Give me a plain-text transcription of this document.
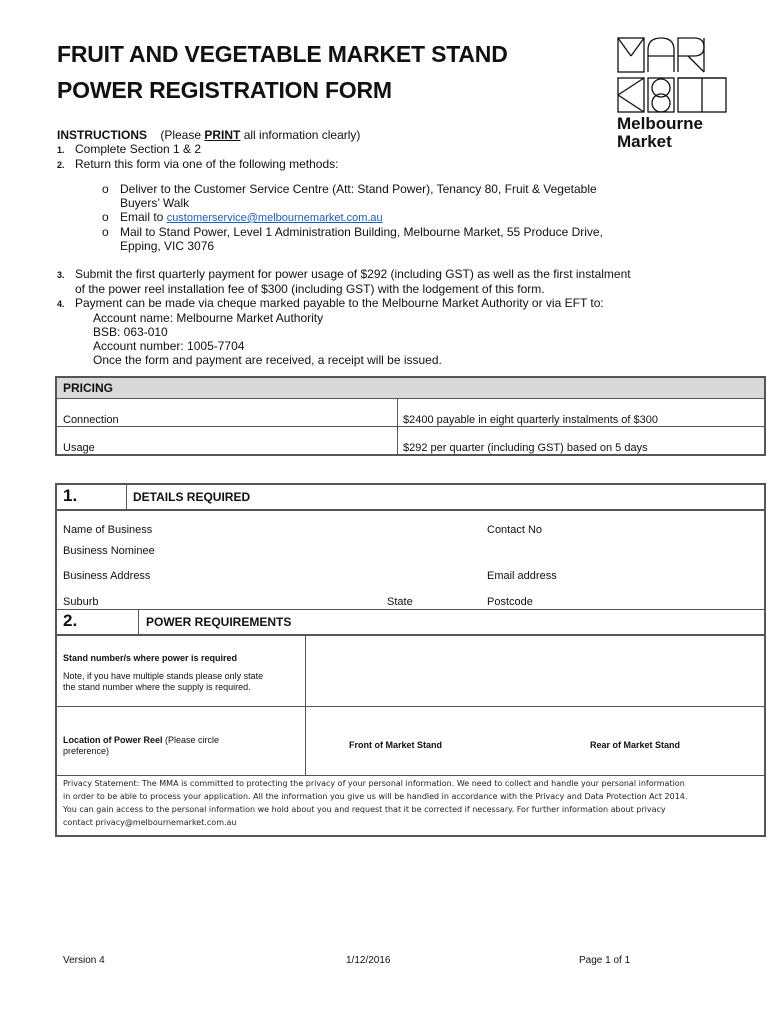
FRUIT AND VEGETABLE MARKET STAND
POWER REGISTRATION FORM
Melbourne
Market
INSTRUCTIONS (Please PRINT all information clearly)
1. Complete Section 1 & 2
2. Return this form via one of the following methods:
o Deliver to the Customer Service Centre (Att: Stand Power), Tenancy 80, Fruit & Vegetable
Buyers’ Walk
o Email to customerservice@melbournemarket.com.au
o Mail to Stand Power, Level 1 Administration Building, Melbourne Market, 55 Produce Drive,
Epping, VIC 3076
3. Submit the first quarterly payment for power usage of $292 (including GST) as well as the first instalment
of the power reel installation fee of $300 (including GST) with the lodgement of this form.
4. Payment can be made via cheque marked payable to the Melbourne Market Authority or via EFT to:
Account name: Melbourne Market Authority
BSB: 063-010
Account number: 1005-7704
Once the form and payment are received, a receipt will be issued.
PRICING
Connection	$2400 payable in eight quarterly instalments of $300
Usage	$292 per quarter (including GST) based on 5 days
1.	DETAILS REQUIRED
Name of Business	Contact No
Business Nominee
Business Address	Email address
Suburb	State	Postcode
2.	POWER REQUIREMENTS
Stand number/s where power is required
Note, if you have multiple stands please only state
the stand number where the supply is required.
Location of Power Reel (Please circle
preference)
Front of Market Stand	Rear of Market Stand
Privacy Statement: The MMA is committed to protecting the privacy of your personal information. We need to collect and handle your personal information
in order to be able to process your application. All the information you give us will be handled in accordance with the Privacy and Data Protection Act 2014.
You can gain access to the personal information we hold about you and request that it be corrected if necessary. For further information about privacy
contact privacy@melbournemarket.com.au
Version 4	1/12/2016	Page 1 of 1
